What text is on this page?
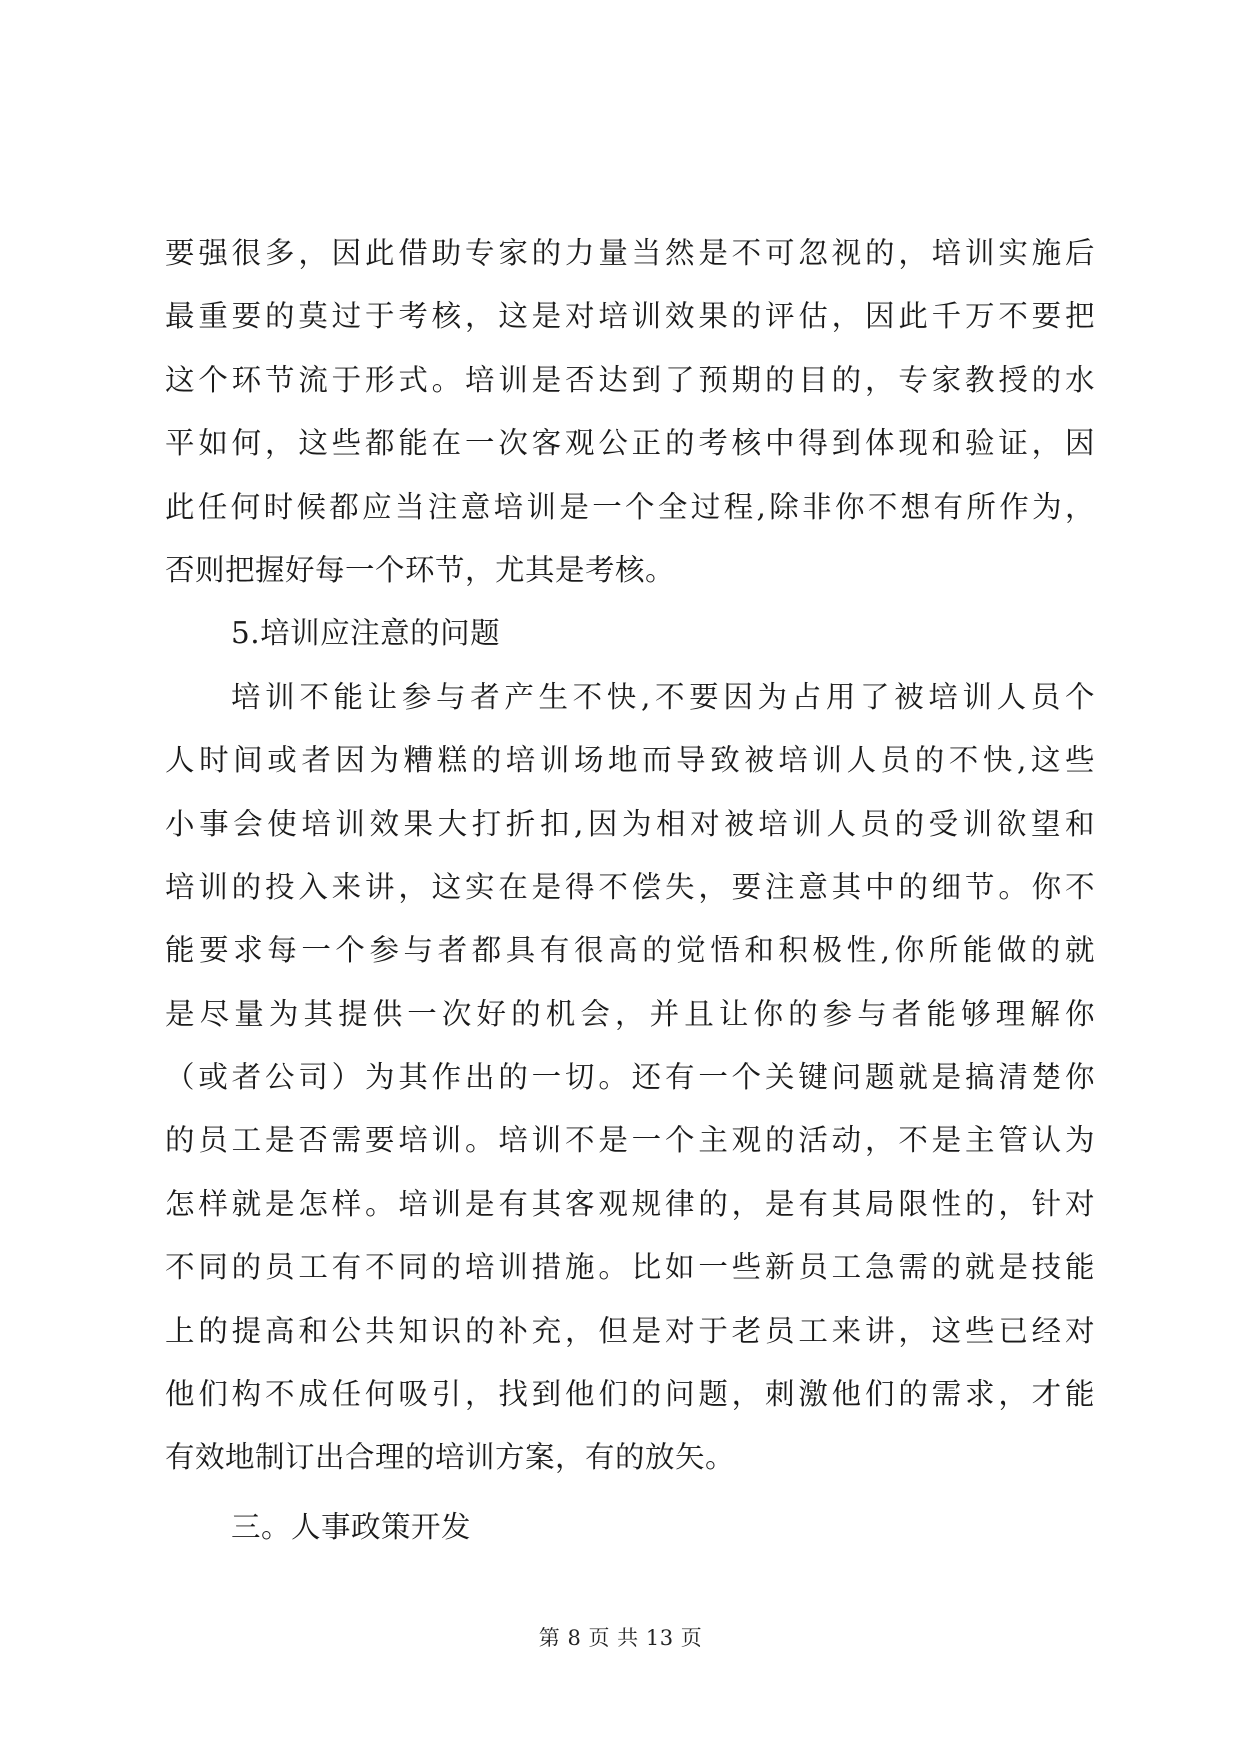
要强很多，因此借助专家的力量当然是不可忽视的，培训实施后
最重要的莫过于考核，这是对培训效果的评估，因此千万不要把
这个环节流于形式。培训是否达到了预期的目的，专家教授的水
平如何，这些都能在一次客观公正的考核中得到体现和验证，因
此任何时候都应当注意培训是一个全过程,除非你不想有所作为，
否则把握好每一个环节，尤其是考核。
5.培训应注意的问题
培训不能让参与者产生不快,不要因为占用了被培训人员个
人时间或者因为糟糕的培训场地而导致被培训人员的不快,这些
小事会使培训效果大打折扣,因为相对被培训人员的受训欲望和
培训的投入来讲，这实在是得不偿失，要注意其中的细节。你不
能要求每一个参与者都具有很高的觉悟和积极性,你所能做的就
是尽量为其提供一次好的机会，并且让你的参与者能够理解你
（或者公司）为其作出的一切。还有一个关键问题就是搞清楚你
的员工是否需要培训。培训不是一个主观的活动，不是主管认为
怎样就是怎样。培训是有其客观规律的，是有其局限性的，针对
不同的员工有不同的培训措施。比如一些新员工急需的就是技能
上的提高和公共知识的补充，但是对于老员工来讲，这些已经对
他们构不成任何吸引，找到他们的问题，刺激他们的需求，才能
有效地制订出合理的培训方案，有的放矢。
三。人事政策开发
第 8 页 共 13 页
